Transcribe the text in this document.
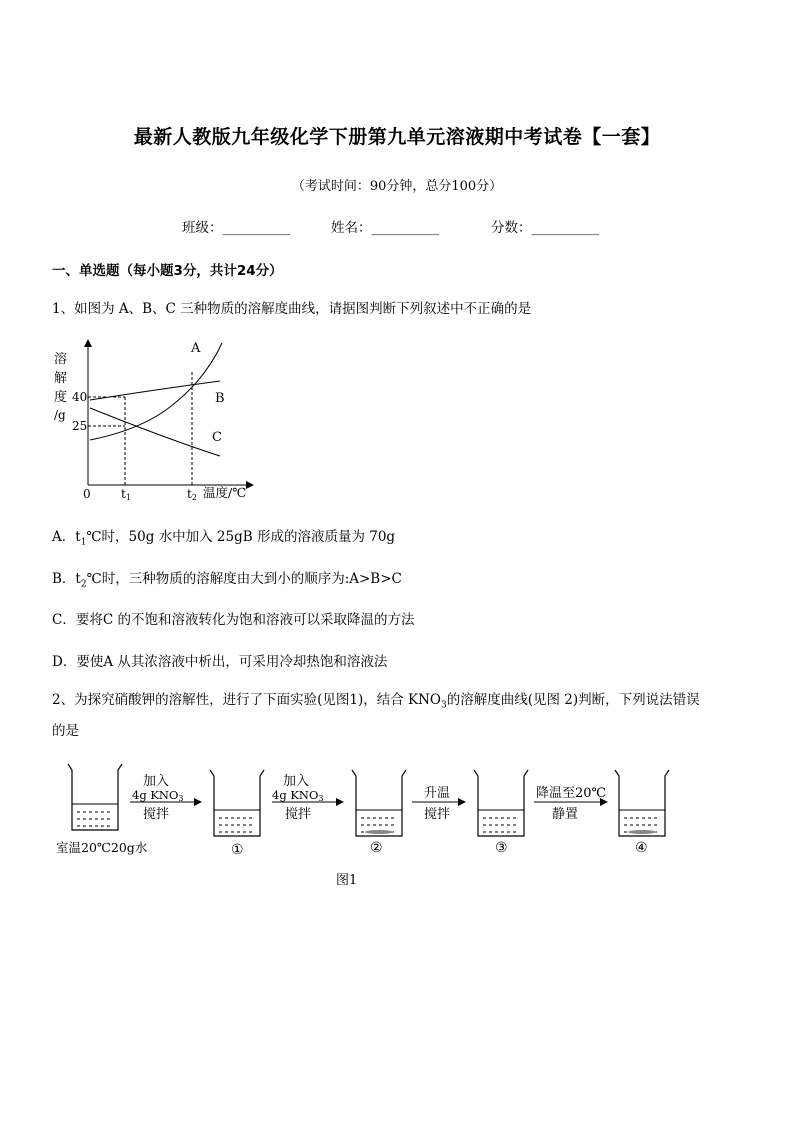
最新人教版九年级化学下册第九单元溶液期中考试卷【一套】
（考试时间：90分钟，总分100分）
班级：__________	姓名：__________	分数：__________
一、单选题（每小题3分，共计24分）
1、如图为 A、B、C 三种物质的溶解度曲线，请据图判断下列叙述中不正确的是
溶
解
度
/g
40
25
0
A
B
C
t1	t2 温度/℃
A．$t_1℃$时，50g 水中加入 25gB 形成的溶液质量为 70g
B．$t_2℃$时，三种物质的溶解度由大到小的顺序为:A>B>C
C．要将C 的不饱和溶液转化为饱和溶液可以采取降温的方法
D．要使A 从其浓溶液中析出，可采用冷却热饱和溶液法
2、为探究硝酸钾的溶解性，进行了下面实验(见图1)，结合 $KNO_3$的溶解度曲线(见图 2)判断，下列说法错误
的是
加入
4g KNO3
搅拌
加入
4g KNO3
搅拌
升温
搅拌
降温至20℃
静置
室温20℃20g水	①	②	③	④
图1
